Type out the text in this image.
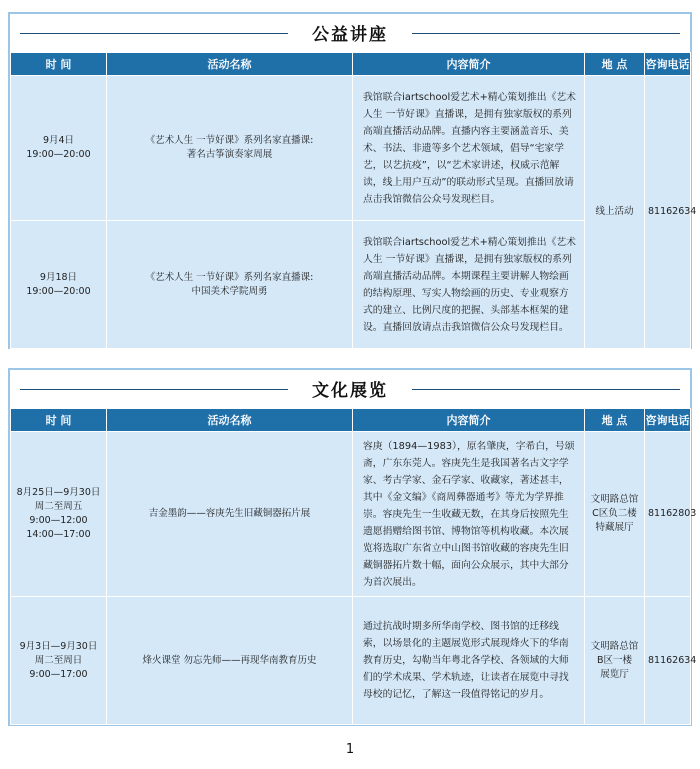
公益讲座
时 间	活动名称	内容简介	地 点	咨询电话

9月4日
19:00—20:00	《艺术人生 一节好课》系列名家直播课:
著名古筝演奏家周展	我馆联合iartschool爱艺术+精心策划推出《艺术人生 一节好课》直播课，是拥有独家版权的系列高端直播活动品牌。直播内容主要涵盖音乐、美术、书法、非遗等多个艺术领域，倡导“宅家学艺，以艺抗疫”，以“艺术家讲述，权威示范解读，线上用户互动”的联动形式呈现。直播回放请点击我馆微信公众号发现栏目。	线上活动	81162634

9月18日
19:00—20:00	《艺术人生 一节好课》系列名家直播课:
中国美术学院周勇	我馆联合iartschool爱艺术+精心策划推出《艺术人生 一节好课》直播课，是拥有独家版权的系列高端直播活动品牌。本期课程主要讲解人物绘画的结构原理、写实人物绘画的历史、专业观察方式的建立、比例尺度的把握、头部基本框架的建设。直播回放请点击我馆微信公众号发现栏目。		
文化展览
时 间	活动名称	内容简介	地 点	咨询电话

8月25日—9月30日
周二至周五
9:00—12:00
14:00—17:00	吉金墨韵——容庚先生旧藏铜器拓片展	容庚（1894—1983），原名肇庚，字希白，号颂斋，广东东莞人。容庚先生是我国著名古文字学家、考古学家、金石学家、收藏家，著述甚丰，其中《金文编》《商周彝器通考》等尤为学界推崇。容庚先生一生收藏无数，在其身后按照先生遗愿捐赠给图书馆、博物馆等机构收藏。本次展览将选取广东省立中山图书馆收藏的容庚先生旧藏铜器拓片数十幅，面向公众展示，其中大部分为首次展出。	文明路总馆
C区负二楼
特藏展厅	81162803

9月3日—9月30日
周二至周日
9:00—17:00	烽火课堂 勿忘先师——再现华南教育历史	通过抗战时期多所华南学校、图书馆的迁移线索，以场景化的主题展览形式展现烽火下的华南教育历史，勾勒当年粤北各学校、各领域的大师们的学术成果、学术轨迹，让读者在展览中寻找母校的记忆，了解这一段值得铭记的岁月。	文明路总馆
B区一楼
展览厅	81162634
1
